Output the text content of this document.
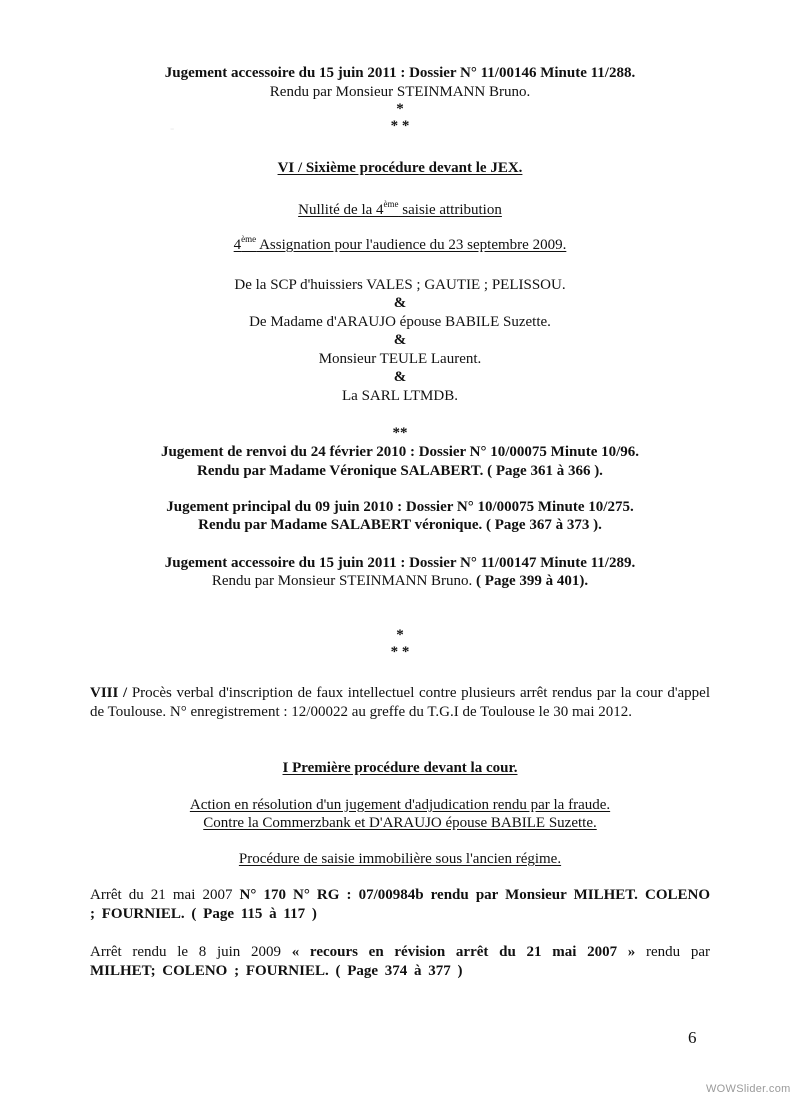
-
Jugement accessoire du 15 juin 2011 : Dossier N° 11/00146 Minute 11/288.
Rendu par Monsieur STEINMANN Bruno.
*
* *
VI / Sixième procédure devant le JEX.
Nullité de la 4ème saisie attribution
4ème Assignation pour l'audience du 23 septembre 2009.
De la SCP d'huissiers VALES ; GAUTIE ; PELISSOU.
&
De Madame d'ARAUJO épouse BABILE Suzette.
&
Monsieur TEULE Laurent.
&
La SARL LTMDB.
**
Jugement de renvoi du 24 février 2010 : Dossier N° 10/00075 Minute 10/96.
Rendu par Madame Véronique SALABERT. ( Page 361 à 366 ).
Jugement principal du 09 juin 2010 : Dossier N° 10/00075 Minute 10/275.
Rendu par Madame SALABERT véronique. ( Page 367 à 373 ).
Jugement accessoire du 15 juin 2011 : Dossier N° 11/00147 Minute 11/289.
Rendu par Monsieur STEINMANN Bruno. ( Page 399 à 401).
*
* *
VIII / Procès verbal d'inscription de faux intellectuel contre plusieurs arrêt rendus par la cour d'appel de Toulouse. N° enregistrement : 12/00022 au greffe du T.G.I de Toulouse le 30 mai 2012.
I Première procédure devant la cour.
Action en résolution d'un jugement d'adjudication rendu par la fraude.
Contre la Commerzbank et D'ARAUJO épouse BABILE Suzette.
Procédure de saisie immobilière sous l'ancien régime.
Arrêt du 21 mai 2007 N° 170 N° RG : 07/00984b rendu par Monsieur MILHET. COLENO ; FOURNIEL. ( Page 115 à 117 )
Arrêt rendu le 8 juin 2009 « recours en révision arrêt du 21 mai 2007 » rendu par MILHET; COLENO ; FOURNIEL. ( Page 374 à 377 )
6
WOWSlider.com
